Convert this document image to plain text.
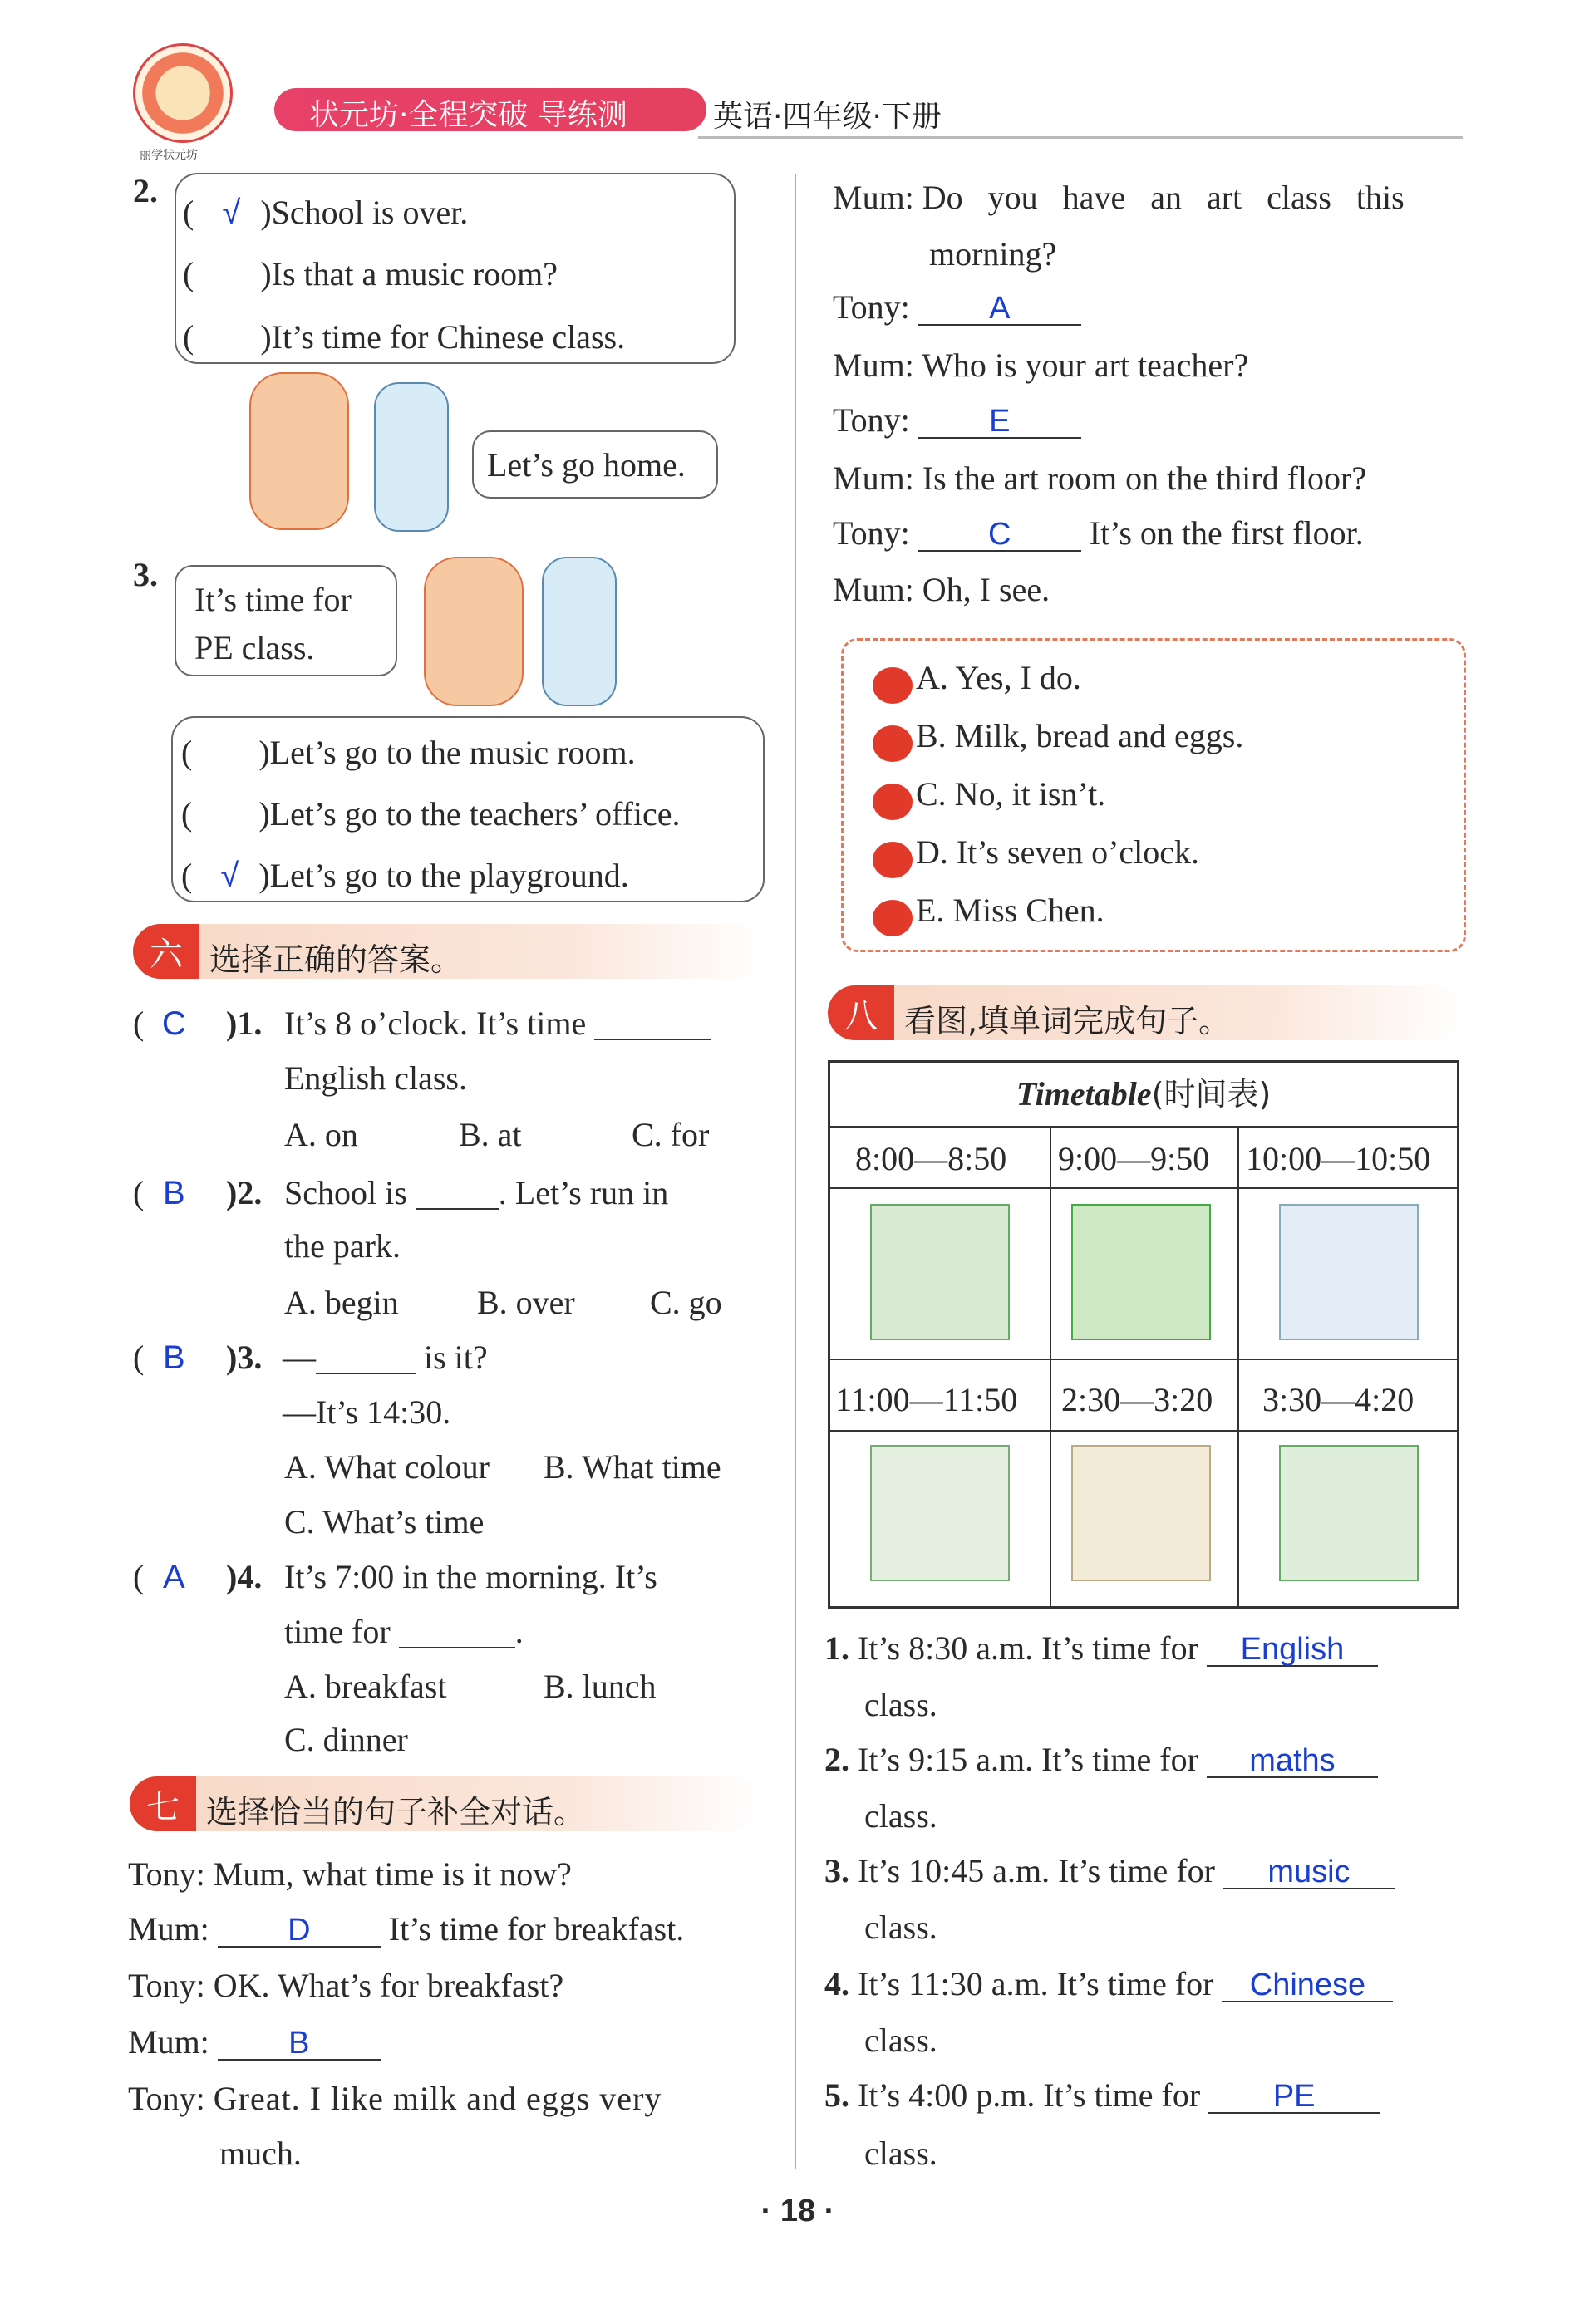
丽学状元坊
状元坊·全程突破 导练测	英语·四年级·下册
2.
( √ )School is over.
( )Is that a music room?
( )It’s time for Chinese class.
Let’s go home.
3.
It’s time for
PE class.
( )Let’s go to the music room.
( )Let’s go to the teachers’ office.
( √ )Let’s go to the playground.
六 选择正确的答案。
( C )1. It’s 8 o’clock. It’s time
English class.
A. on	B. at	C. for
( B	)2. School is	. Let’s run in
the park.
A. begin B. over C. go
( B	)3. —	is it?
—It’s 14:30.
A. What colour B. What time
C. What’s time
( A	)4. It’s 7:00 in the morning. It’s
time for	.
A. breakfast	B. lunch
C. dinner
七 选择恰当的句子补全对话。
Tony: Mum, what time is it now?
Mum: D It’s time for breakfast.
Tony: OK. What’s for breakfast?
Mum:	B
Tony: Great. I like milk and eggs very
much.
Mum: Do you have an art class this
morning?
Tony:	A
Mum: Who is your art teacher?
Tony:	E
Mum: Is the art room on the third floor?
Tony: C It’s on the first floor.
Mum: Oh, I see.
A. Yes, I do.
B. Milk, bread and eggs.
C. No, it isn’t.
D. It’s seven o’clock.
E. Miss Chen.
八 看图,填单词完成句子。
Timetable(时间表)
8:00—8:50 9:00—9:50 10:00—10:50
11:00—11:50 2:30—3:20 3:30—4:20
1. It’s 8:30 a.m. It’s time for English
class.
2. It’s 9:15 a.m. It’s time for maths
class.
3. It’s 10:45 a.m. It’s time for music
class.
4. It’s 11:30 a.m. It’s time for Chinese
class.
5. It’s 4:00 p.m. It’s time for PE
class.
· 18 ·
